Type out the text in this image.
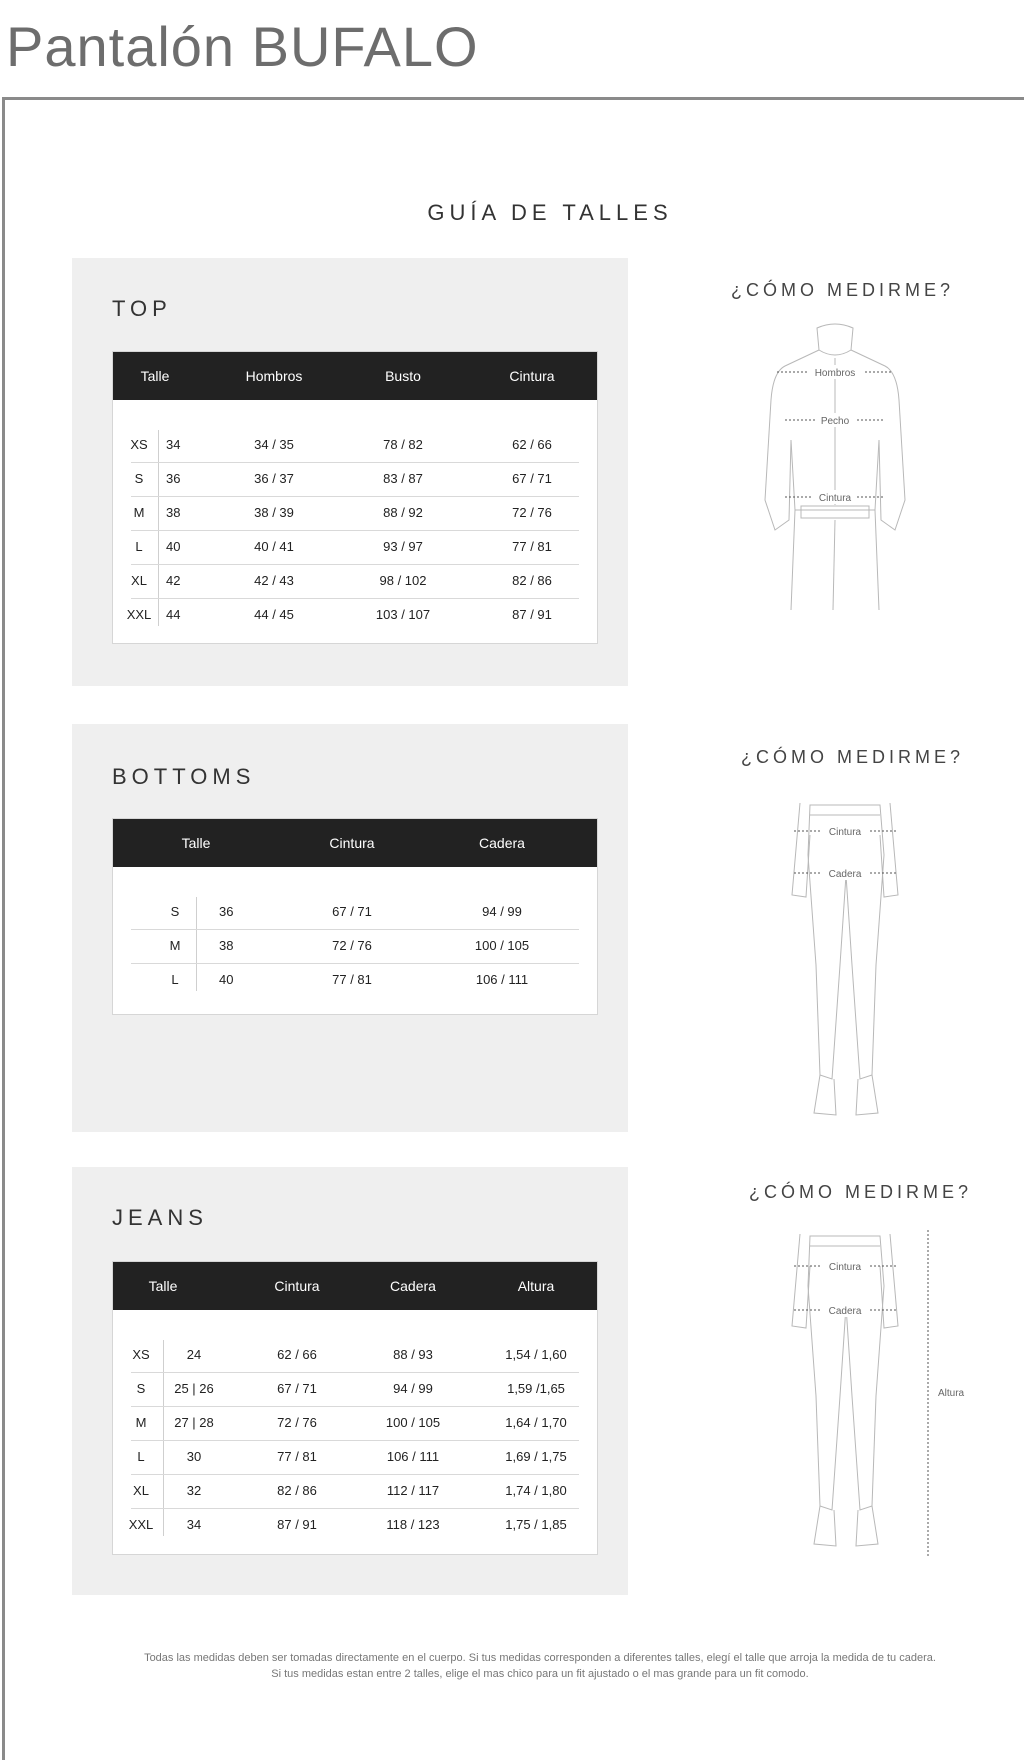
Pantalón BUFALO
GUÍA DE TALLES
TOP
Talle	Hombros	Busto	Cintura
XS 34	34 / 35	78 / 82	62 / 66
S 36	36 / 37	83 / 87	67 / 71
M 38	38 / 39	88 / 92	72 / 76
L 40	40 / 41	93 / 97	77 / 81
XL 42	42 / 43	98 / 102	82 / 86
XXL 44	44 / 45	103 / 107	87 / 91
¿CÓMO MEDIRME?
Hombros
Pecho
Cintura
BOTTOMS
Talle	Cintura	Cadera
S	36	67 / 71	94 / 99
M	38	72 / 76	100 / 105
L	40	77 / 81	106 / 111
¿CÓMO MEDIRME?
Cintura
Cadera
JEANS
Talle	Cintura	Cadera	Altura
XS	24	62 / 66	88 / 93	1,54 / 1,60
S 25 | 26	67 / 71	94 / 99	1,59 /1,65
M 27 | 28	72 / 76	100 / 105	1,64 / 1,70
L	30	77 / 81	106 / 111	1,69 / 1,75
XL	32	82 / 86	112 / 117	1,74 / 1,80
XXL	34	87 / 91	118 / 123	1,75 / 1,85
¿CÓMO MEDIRME?
Cintura
Cadera
Altura
Todas las medidas deben ser tomadas directamente en el cuerpo. Si tus medidas corresponden a diferentes talles, elegí el talle que arroja la medida de tu cadera.
Si tus medidas estan entre 2 talles, elige el mas chico para un fit ajustado o el mas grande para un fit comodo.
